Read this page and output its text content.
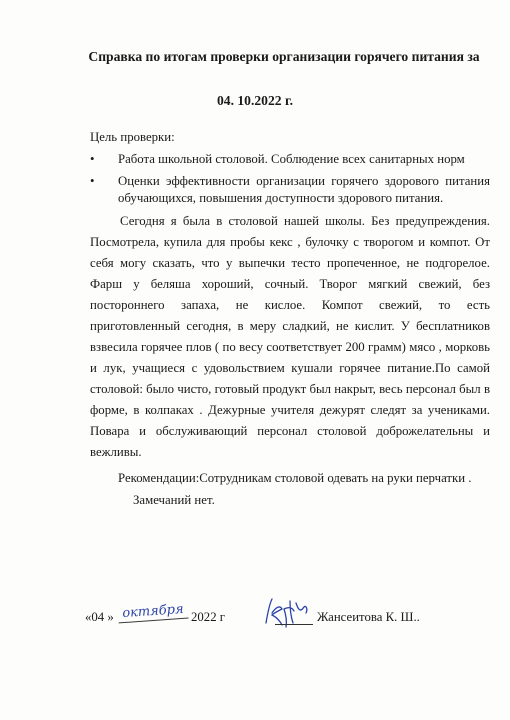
Справка по итогам проверки организации горячего питания за
04. 10.2022 г.
Цель проверки:
• Работа школьной столовой. Соблюдение всех санитарных норм
• Оценки эффективности организации горячего здорового питания обучающихся, повышения доступности здорового питания.

Сегодня я была в столовой нашей школы. Без предупреждения. Посмотрела, купила для пробы кекс , булочку с творогом и компот. От себя могу сказать, что у выпечки тесто пропеченное, не подгорелое. Фарш у беляша хороший, сочный. Творог мягкий свежий, без постороннего запаха, не кислое. Компот свежий, то есть приготовленный сегодня, в меру сладкий, не кислит. У бесплатников взвесила горячее плов ( по весу соответствует 200 грамм) мясо , морковь и лук, учащиеся с удовольствием кушали горячее питание.По самой столовой: было чисто, готовый продукт был накрыт, весь персонал был в форме, в колпаках . Дежурные учителя дежурят следят за учениками. Повара и обслуживающий персонал столовой доброжелательны и вежливы.

Рекомендации:Сотрудникам столовой одевать на руки перчатки .
Замечаний нет.
«04 » октября 2022 г	Жансеитова К. Ш..
